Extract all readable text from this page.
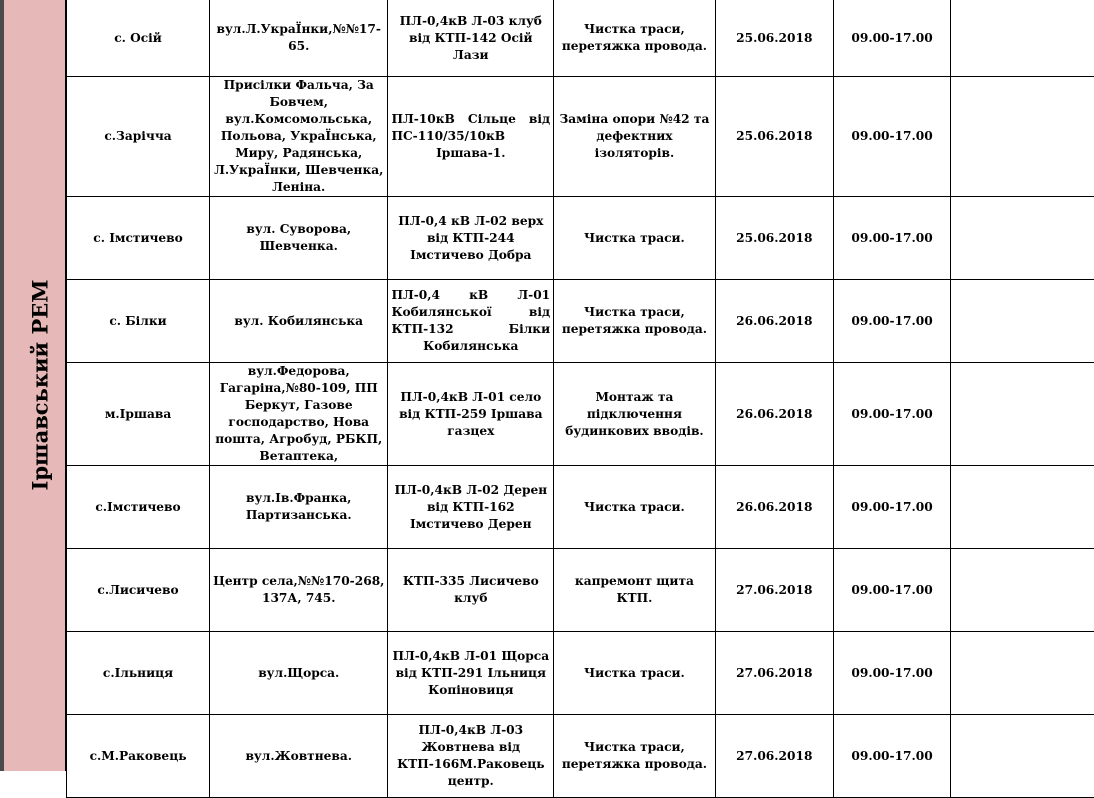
Іршавський РЕМ
с. Осій	вул.Л.УкраЇнки,№№17-65.	ПЛ-0,4кВ Л-03 клуб від КТП-142 Осій Лази	Чистка траси, перетяжка провода.	25.06.2018	09.00-17.00	
с.Зарічча	Присілки Фальча, За Бовчем, вул.Комсомольська, Польова, УкраЇнська, Миру, Радянська, Л.УкраЇнки, Шевченка, Леніна.	ПЛ-10кВ Сільце від ПС-110/35/10кВ Іршава-1.	Заміна опори №42 та дефектних ізоляторів.	25.06.2018	09.00-17.00	
с. Імстичево	вул. Суворова, Шевченка.	ПЛ-0,4 кВ Л-02 верх від КТП-244 Імстичево Добра	Чистка траси.	25.06.2018	09.00-17.00	
с. Білки	вул. Кобилянська	ПЛ-0,4 кВ Л-01 Кобилянської від КТП-132 Білки Кобилянська	Чистка траси, перетяжка провода.	26.06.2018	09.00-17.00	
м.Іршава	вул.Федорова, Гагаріна,№80-109, ПП Беркут, Газове господарство, Нова пошта, Агробуд, РБКП, Ветаптека,	ПЛ-0,4кВ Л-01 село від КТП-259 Іршава газцех	Монтаж та підключення будинкових вводів.	26.06.2018	09.00-17.00	
с.Імстичево	вул.Ів.Франка, Партизанська.	ПЛ-0,4кВ Л-02 Дерен від КТП-162 Імстичево Дерен	Чистка траси.	26.06.2018	09.00-17.00	
с.Лисичево	Центр села,№№170-268, 137А, 745.	КТП-335 Лисичево клуб	капремонт щита КТП.	27.06.2018	09.00-17.00	
с.Ільниця	вул.Щорса.	ПЛ-0,4кВ Л-01 Щорса від КТП-291 Ільниця Копіновиця	Чистка траси.	27.06.2018	09.00-17.00	
с.М.Раковець	вул.Жовтнева.	ПЛ-0,4кВ Л-03 Жовтнева від КТП-166М.Раковець центр.	Чистка траси, перетяжка провода.	27.06.2018	09.00-17.00	
